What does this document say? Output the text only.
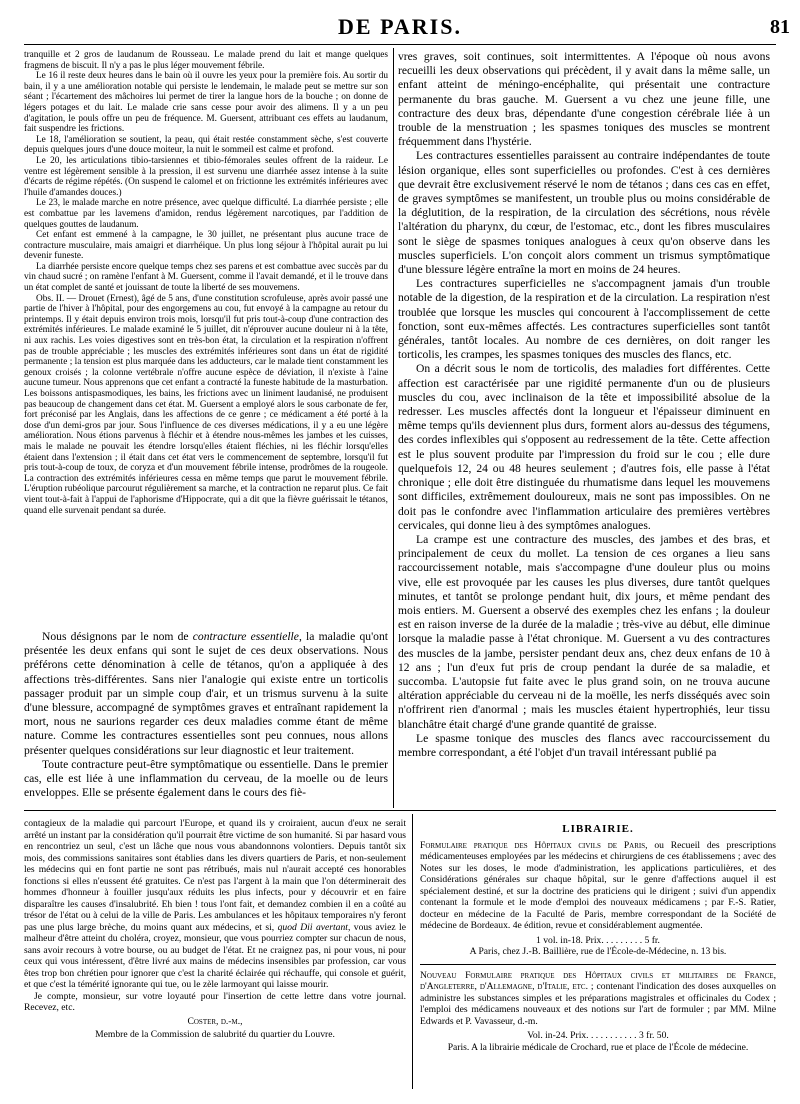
DE PARIS.	81

tranquille et 2 gros de laudanum de Rousseau. Le malade prend du lait et mange quelques fragmens de biscuit. Il n'y a pas le plus léger mouvement fébrile.

Le 16 il reste deux heures dans le bain où il ouvre les yeux pour la première fois. Au sortir du bain, il y a une amélioration notable qui persiste le lendemain, le malade peut se mettre sur son séant ; l'écartement des mâchoires lui permet de tirer la langue hors de la bouche ; on donne de légers potages et du lait. Le malade crie sans cesse pour avoir des alimens. Il y a un peu d'agitation, le pouls offre un peu de fréquence. M. Guersent, attribuant ces effets au laudanum, fait suspendre les frictions.

Le 18, l'amélioration se soutient, la peau, qui était restée constamment sèche, s'est couverte depuis quelques jours d'une douce moiteur, la nuit le sommeil est calme et profond.

Le 20, les articulations tibio-tarsiennes et tibio-fémorales seules offrent de la raideur. Le ventre est légèrement sensible à la pression, il est survenu une diarrhée assez intense à la suite d'écarts de régime répétés. (On suspend le calomel et on frictionne les extrémités inférieures avec l'huile d'amandes douces.)

Le 23, le malade marche en notre présence, avec quelque difficulté. La diarrhée persiste ; elle est combattue par les lavemens d'amidon, rendus légèrement narcotiques, par l'addition de quelques gouttes de laudanum.

Cet enfant est emmené à la campagne, le 30 juillet, ne présentant plus aucune trace de contracture musculaire, mais amaigri et diarrhéique. Un plus long séjour à l'hôpital aurait pu lui devenir funeste.

La diarrhée persiste encore quelque temps chez ses parens et est combattue avec succès par du vin chaud sucré ; on ramène l'enfant à M. Guersent, comme il l'avait demandé, et il le trouve dans un état complet de santé et jouissant de toute la liberté de ses mouvemens.

Obs. II. — Drouet (Ernest), âgé de 5 ans, d'une constitution scrofuleuse, après avoir passé une partie de l'hiver à l'hôpital, pour des engorgemens au cou, fut envoyé à la campagne au retour du printemps. Il y était depuis environ trois mois, lorsqu'il fut pris tout-à-coup d'une contraction des extrémités inférieures. Le malade examiné le 5 juillet, dit n'éprouver aucune douleur ni à la tête, ni aux rachis. Les voies digestives sont en très-bon état, la circulation et la respiration n'offrent pas de trouble appréciable ; les muscles des extrémités inférieures sont dans un état de rigidité permanente ; la tension est plus marquée dans les adducteurs, car le malade tient constamment les genoux croisés ; la colonne vertébrale n'offre aucune espèce de déviation, il n'existe à l'aine aucune tumeur. Nous apprenons que cet enfant a contracté la funeste habitude de la masturbation. Les boissons antispasmodiques, les bains, les frictions avec un liniment laudanisé, ne produisent pas beaucoup de changement dans cet état. M. Guersent a employé alors le sous carbonate de fer, fort préconisé par les Anglais, dans les affections de ce genre ; ce médicament a été porté à la dose d'un demi-gros par jour. Sous l'influence de ces diverses médications, il y a eu une légère amélioration. Nous étions parvenus à fléchir et à étendre nous-mêmes les jambes et les cuisses, mais le malade ne pouvait les étendre lorsqu'elles étaient fléchies, ni les fléchir lorsqu'elles étaient dans l'extension ; il était dans cet état vers le commencement de septembre, lorsqu'il fut pris tout-à-coup de toux, de coryza et d'un mouvement fébrile intense, prodrômes de la rougeole. La contraction des extrémités inférieures cessa en même temps que parut le mouvement fébrile. L'éruption rubéolique parcourut régulièrement sa marche, et la contraction ne reparut plus. Ce fait vient tout-à-fait à l'appui de l'aphorisme d'Hippocrate, qui a dit que la fièvre guérissait le tétanos, quand elle survenait pendant sa durée.

Nous désignons par le nom de contracture essentielle, la maladie qu'ont présentée les deux enfans qui sont le sujet de ces deux observations. Nous préférons cette dénomination à celle de tétanos, qu'on a appliquée à des affections très-différentes. Sans nier l'analogie qui existe entre un torticolis passager produit par un simple coup d'air, et un trismus survenu à la suite d'une blessure, accompagné de symptômes graves et entraînant rapidement la mort, nous ne saurions regarder ces deux maladies comme étant de même nature. Comme les contractures essentielles sont peu connues, nous allons présenter quelques considérations sur leur diagnostic et leur traitement.

Toute contracture peut-être symptômatique ou essentielle. Dans le premier cas, elle est liée à une inflammation du cerveau, de la moelle ou de leurs enveloppes. Elle se présente également dans le cours des fiè-

vres graves, soit continues, soit intermittentes. A l'époque où nous avons recueilli les deux observations qui précèdent, il y avait dans la même salle, un enfant atteint de méningo-encéphalite, qui présentait une contracture permanente du bras gauche. M. Guersent a vu chez une jeune fille, une contracture des deux bras, dépendante d'une congestion cérébrale liée à un trouble de la menstruation ; les spasmes toniques des muscles se montrent fréquemment dans l'hystérie.

Les contractures essentielles paraissent au contraire indépendantes de toute lésion organique, elles sont superficielles ou profondes. C'est à ces dernières que devrait être exclusivement réservé le nom de tétanos ; dans ces cas en effet, de graves symptômes se manifestent, un trouble plus ou moins considérable de la déglutition, de la respiration, de la circulation des sécrétions, nous révèle l'altération du pharynx, du cœur, de l'estomac, etc., dont les fibres musculaires sont le siège de spasmes toniques analogues à ceux qu'on observe dans les muscles superficiels. L'on conçoit alors comment un trismus symptômatique d'une blessure légère entraîne la mort en moins de 24 heures.

Les contractures superficielles ne s'accompagnent jamais d'un trouble notable de la digestion, de la respiration et de la circulation. La respiration n'est troublée que lorsque les muscles qui concourent à l'accomplissement de cette fonction, sont eux-mêmes affectés. Les contractures superficielles sont tantôt générales, tantôt locales. Au nombre de ces dernières, on doit ranger les torticolis, les crampes, les spasmes toniques des muscles des flancs, etc.

On a décrit sous le nom de torticolis, des maladies fort différentes. Cette affection est caractérisée par une rigidité permanente d'un ou de plusieurs muscles du cou, avec inclinaison de la tête et impossibilité absolue de la redresser. Les muscles affectés dont la longueur et l'épaisseur diminuent en même temps qu'ils deviennent plus durs, forment alors au-dessus des tégumens, des cordes inflexibles qui s'opposent au redressement de la tête. Cette affection est le plus souvent produite par l'impression du froid sur le cou ; elle dure quelquefois 12, 24 ou 48 heures seulement ; d'autres fois, elle passe à l'état chronique ; elle doit être distinguée du rhumatisme dans lequel les mouvemens sont difficiles, extrêmement douloureux, mais ne sont pas impossibles. On ne doit pas le confondre avec l'inflammation articulaire des premières vertèbres cervicales, qui donne lieu à des symptômes analogues.

La crampe est une contracture des muscles, des jambes et des bras, et principalement de ceux du mollet. La tension de ces organes a lieu sans raccourcissement notable, mais s'accompagne d'une douleur plus ou moins vive, elle est provoquée par les causes les plus diverses, dure tantôt quelques minutes, et tantôt se prolonge pendant huit, dix jours, et même pendant des mois entiers. M. Guersent a observé des exemples chez les enfans ; la douleur est en raison inverse de la durée de la maladie ; très-vive au début, elle diminue lorsque la maladie passe à l'état chronique. M. Guersent a vu des contractures des muscles de la jambe, persister pendant deux ans, chez deux enfans de 10 à 12 ans ; l'un d'eux fut pris de croup pendant la durée de sa maladie, et succomba. L'autopsie fut faite avec le plus grand soin, on ne trouva aucune altération appréciable du cerveau ni de la moëlle, les nerfs disséqués avec soin n'offrirent rien d'anormal ; mais les muscles étaient hypertrophiés, leur tissu blanchâtre était chargé d'une grande quantité de graisse.

Le spasme tonique des muscles des flancs avec raccourcissement du membre correspondant, a été l'objet d'un travail intéressant publié pa

contagieux de la maladie qui parcourt l'Europe, et quand ils y croiraient, aucun d'eux ne serait arrêté un instant par la considération qu'il pourrait être victime de son humanité. Si par hasard vous en rencontriez un seul, c'est un lâche que nous vous abandonnons volontiers. Depuis tantôt six mois, des commissions sanitaires sont établies dans les divers quartiers de Paris, et non-seulement les médecins qui en font partie ne sont pas rétribués, mais nul n'aurait accepté ces honorables fonctions si elles n'eussent été gratuites. Ce n'est pas l'argent à la main que l'on déterminerait des hommes d'honneur à fouiller jusqu'aux réduits les plus infects, pour y découvrir et en faire disparaître les causes d'insalubrité. Eh bien ! tous l'ont fait, et demandez combien il en a coûté au trésor de l'état ou à celui de la ville de Paris. Les ambulances et les hôpitaux temporaires n'y feront pas une plus large brèche, du moins quant aux médecins, et si, quod Dii avertant, vous aviez le malheur d'être atteint du choléra, croyez, monsieur, que vous pourriez compter sur chacun de nous, sans avoir recours à votre bourse, ou au budget de l'état. Et ne craignez pas, ni pour vous, ni pour ceux qui vous intéressent, d'être livré aux mains de médecins insensibles par profession, car vous êtes trop bon chrétien pour ignorer que c'est la charité éclairée qui réchauffe, qui console et guérit, et que c'est la témérité ignorante qui tue, ou le zèle larmoyant qui laisse mourir.

Je compte, monsieur, sur votre loyauté pour l'insertion de cette lettre dans votre journal. Recevez, etc.

Coster, d.-m.,
Membre de la Commission de salubrité du quartier du Louvre.
LIBRAIRIE.

Formulaire pratique des Hôpitaux civils de Paris, ou Recueil des prescriptions médicamenteuses employées par les médecins et chirurgiens de ces établissemens ; avec des Notes sur les doses, le mode d'administration, les applications particulières, et des Considérations générales sur chaque hôpital, sur le genre d'affections auquel il est spécialement destiné, et sur la doctrine des praticiens qui le dirigent ; suivi d'un appendix contenant la formule et le mode d'emploi des nouveaux médicamens ; par F.-S. Ratier, docteur en médecine de la Faculté de Paris, membre correspondant de la Société de médecine de Bordeaux. 4e édition, revue et considérablement augmentée.

1 vol. in-18. Prix. . . . . . . . . 5 fr.
A Paris, chez J.-B. Baillière, rue de l'École-de-Médecine, n. 13 bis.

Nouveau Formulaire pratique des Hôpitaux civils et militaires de France, d'Angleterre, d'Allemagne, d'Italie, etc. ; contenant l'indication des doses auxquelles on administre les substances simples et les préparations magistrales et officinales du Codex ; l'emploi des médicamens nouveaux et des notions sur l'art de formuler ; par MM. Milne Edwards et P. Vavasseur, d.-m.

Vol. in-24. Prix. . . . . . . . . . . 3 fr. 50.
Paris. A la librairie médicale de Crochard, rue et place de l'École de médecine.
